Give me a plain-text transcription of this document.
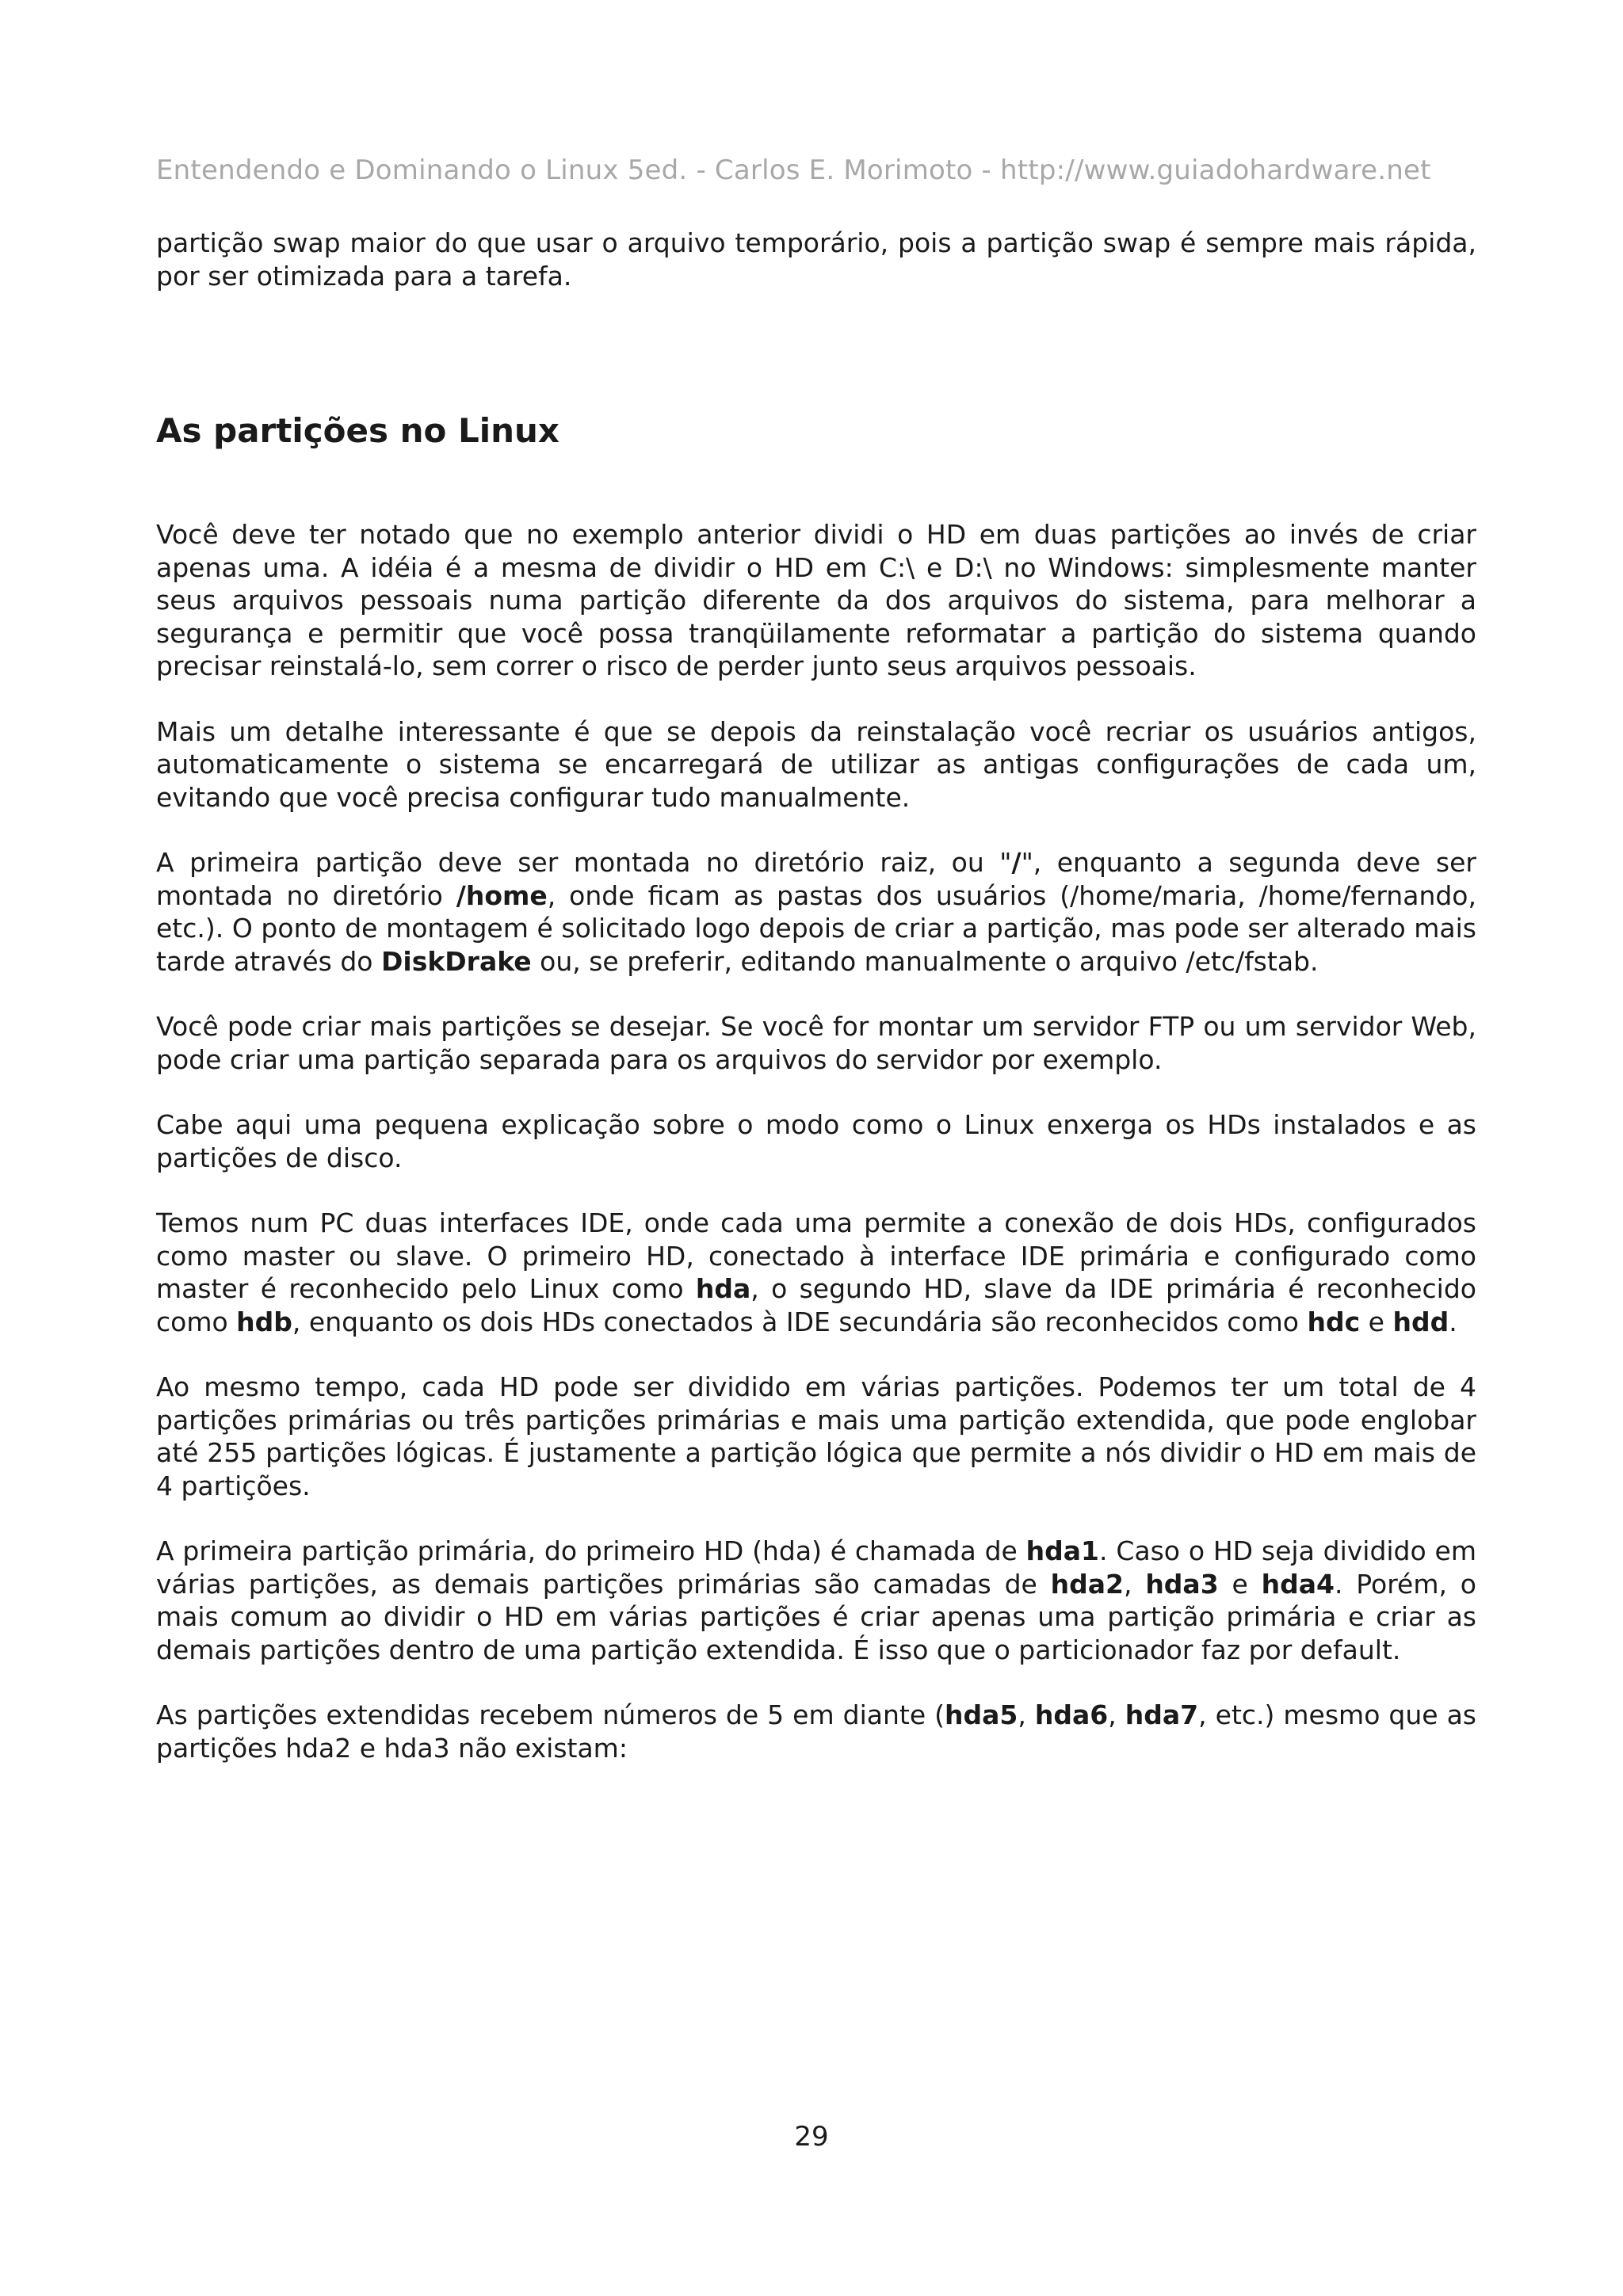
Entendendo e Dominando o Linux 5ed. - Carlos E. Morimoto - http://www.guiadohardware.net

partição swap maior do que usar o arquivo temporário, pois a partição swap é sempre mais rápida, por ser otimizada para a tarefa.

As partições no Linux

Você deve ter notado que no exemplo anterior dividi o HD em duas partições ao invés de criar apenas uma. A idéia é a mesma de dividir o HD em C:\ e D:\ no Windows: simplesmente manter seus arquivos pessoais numa partição diferente da dos arquivos do sistema, para melhorar a segurança e permitir que você possa tranqüilamente reformatar a partição do sistema quando precisar reinstalá-lo, sem correr o risco de perder junto seus arquivos pessoais.

Mais um detalhe interessante é que se depois da reinstalação você recriar os usuários antigos, automaticamente o sistema se encarregará de utilizar as antigas configurações de cada um, evitando que você precisa configurar tudo manualmente.

A primeira partição deve ser montada no diretório raiz, ou "/", enquanto a segunda deve ser montada no diretório /home, onde ficam as pastas dos usuários (/home/maria, /home/fernando, etc.). O ponto de montagem é solicitado logo depois de criar a partição, mas pode ser alterado mais tarde através do DiskDrake ou, se preferir, editando manualmente o arquivo /etc/fstab.

Você pode criar mais partições se desejar. Se você for montar um servidor FTP ou um servidor Web, pode criar uma partição separada para os arquivos do servidor por exemplo.

Cabe aqui uma pequena explicação sobre o modo como o Linux enxerga os HDs instalados e as partições de disco.

Temos num PC duas interfaces IDE, onde cada uma permite a conexão de dois HDs, configurados como master ou slave. O primeiro HD, conectado à interface IDE primária e configurado como master é reconhecido pelo Linux como hda, o segundo HD, slave da IDE primária é reconhecido como hdb, enquanto os dois HDs conectados à IDE secundária são reconhecidos como hdc e hdd.

Ao mesmo tempo, cada HD pode ser dividido em várias partições. Podemos ter um total de 4 partições primárias ou três partições primárias e mais uma partição extendida, que pode englobar até 255 partições lógicas. É justamente a partição lógica que permite a nós dividir o HD em mais de 4 partições.

A primeira partição primária, do primeiro HD (hda) é chamada de hda1. Caso o HD seja dividido em várias partições, as demais partições primárias são camadas de hda2, hda3 e hda4. Porém, o mais comum ao dividir o HD em várias partições é criar apenas uma partição primária e criar as demais partições dentro de uma partição extendida. É isso que o particionador faz por default.

As partições extendidas recebem números de 5 em diante (hda5, hda6, hda7, etc.) mesmo que as partições hda2 e hda3 não existam:

29
